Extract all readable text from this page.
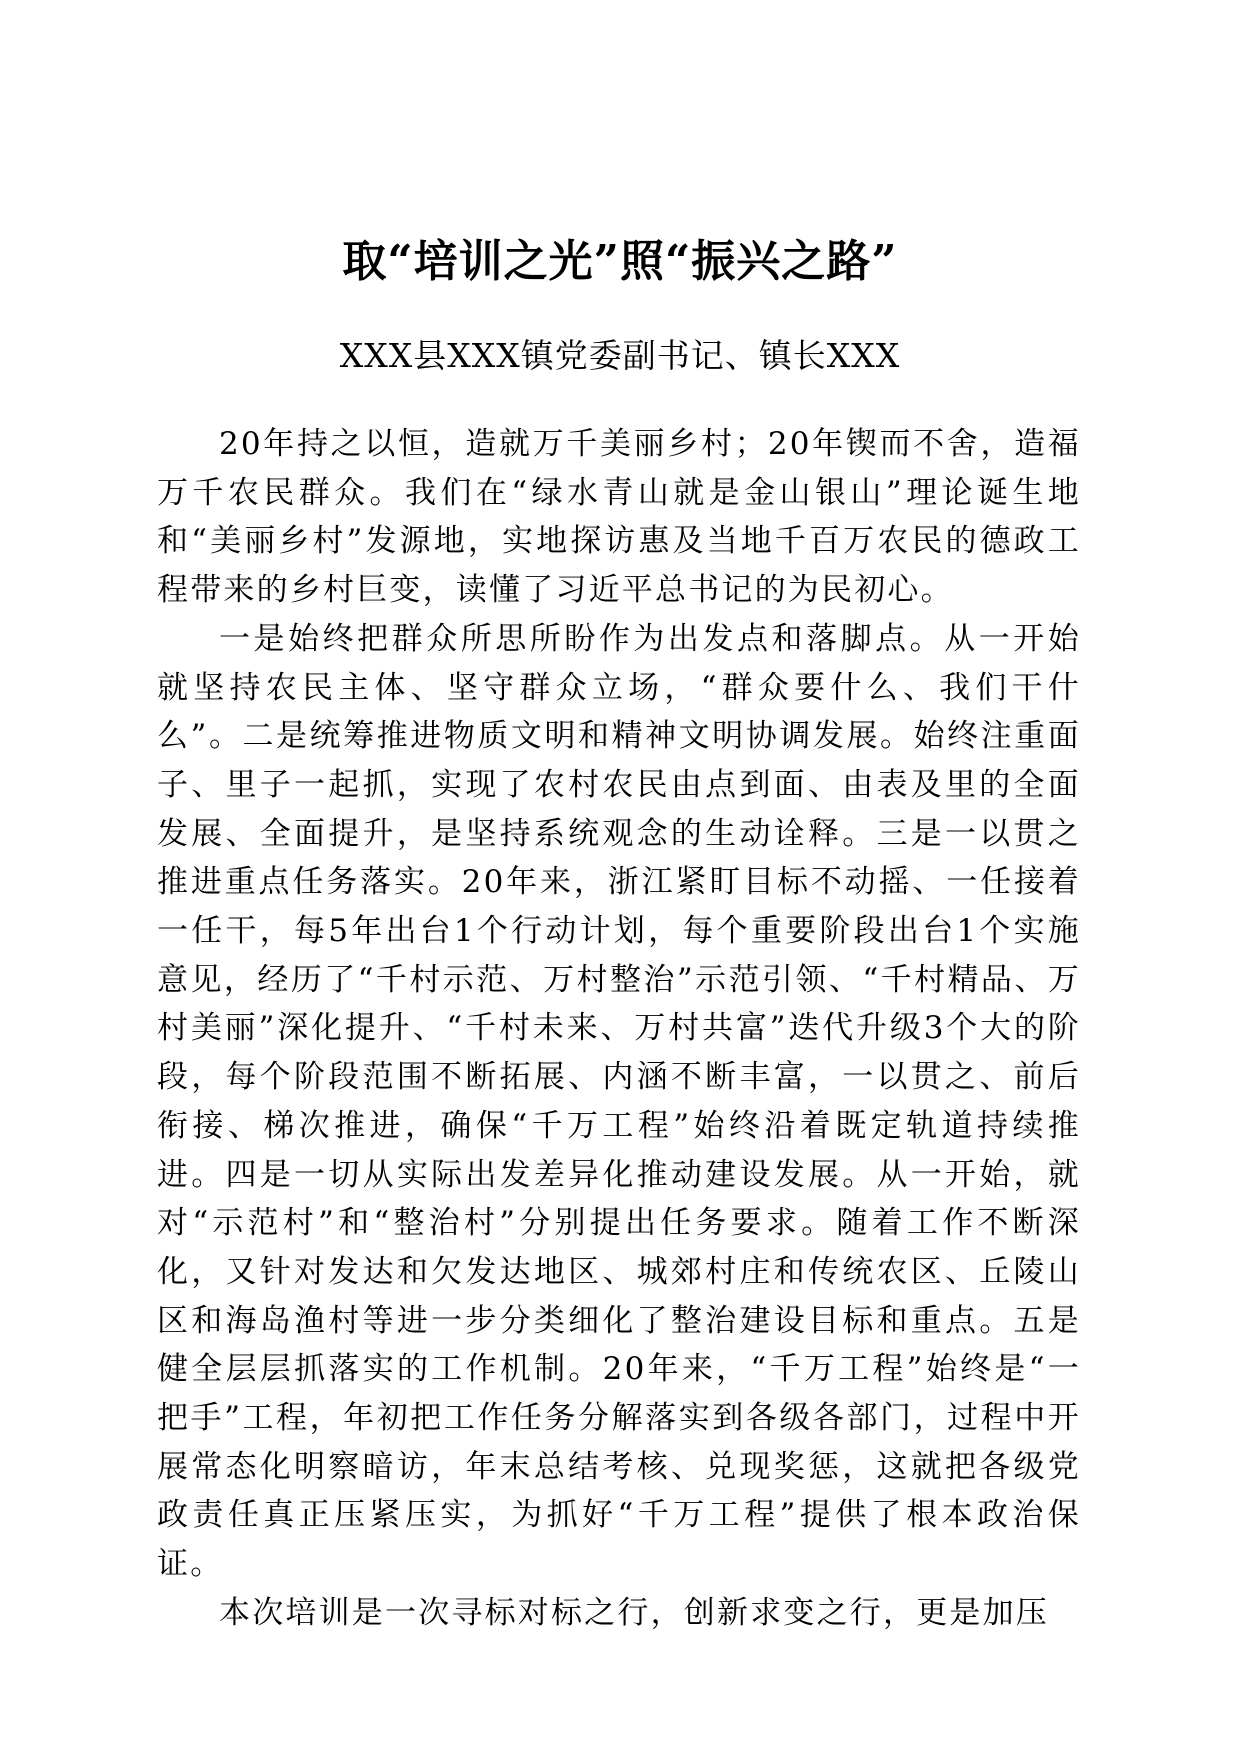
取“培训之光”照“振兴之路”
XXX县XXX镇党委副书记、镇长XXX

20年持之以恒，造就万千美丽乡村；20年锲而不舍，造福万千农民群众。我们在“绿水青山就是金山银山”理论诞生地和“美丽乡村”发源地，实地探访惠及当地千百万农民的德政工程带来的乡村巨变，读懂了习近平总书记的为民初心。

一是始终把群众所思所盼作为出发点和落脚点。从一开始就坚持农民主体、坚守群众立场，“群众要什么、我们干什么”。二是统筹推进物质文明和精神文明协调发展。始终注重面子、里子一起抓，实现了农村农民由点到面、由表及里的全面发展、全面提升，是坚持系统观念的生动诠释。三是一以贯之推进重点任务落实。20年来，浙江紧盯目标不动摇、一任接着一任干，每5年出台1个行动计划，每个重要阶段出台1个实施意见，经历了“千村示范、万村整治”示范引领、“千村精品、万村美丽”深化提升、“千村未来、万村共富”迭代升级3个大的阶段，每个阶段范围不断拓展、内涵不断丰富，一以贯之、前后衔接、梯次推进，确保“千万工程”始终沿着既定轨道持续推进。四是一切从实际出发差异化推动建设发展。从一开始，就对“示范村”和“整治村”分别提出任务要求。随着工作不断深化，又针对发达和欠发达地区、城郊村庄和传统农区、丘陵山区和海岛渔村等进一步分类细化了整治建设目标和重点。五是健全层层抓落实的工作机制。20年来，“千万工程”始终是“一把手”工程，年初把工作任务分解落实到各级各部门，过程中开展常态化明察暗访，年末总结考核、兑现奖惩，这就把各级党政责任真正压紧压实，为抓好“千万工程”提供了根本政治保证。

本次培训是一次寻标对标之行，创新求变之行，更是加压
